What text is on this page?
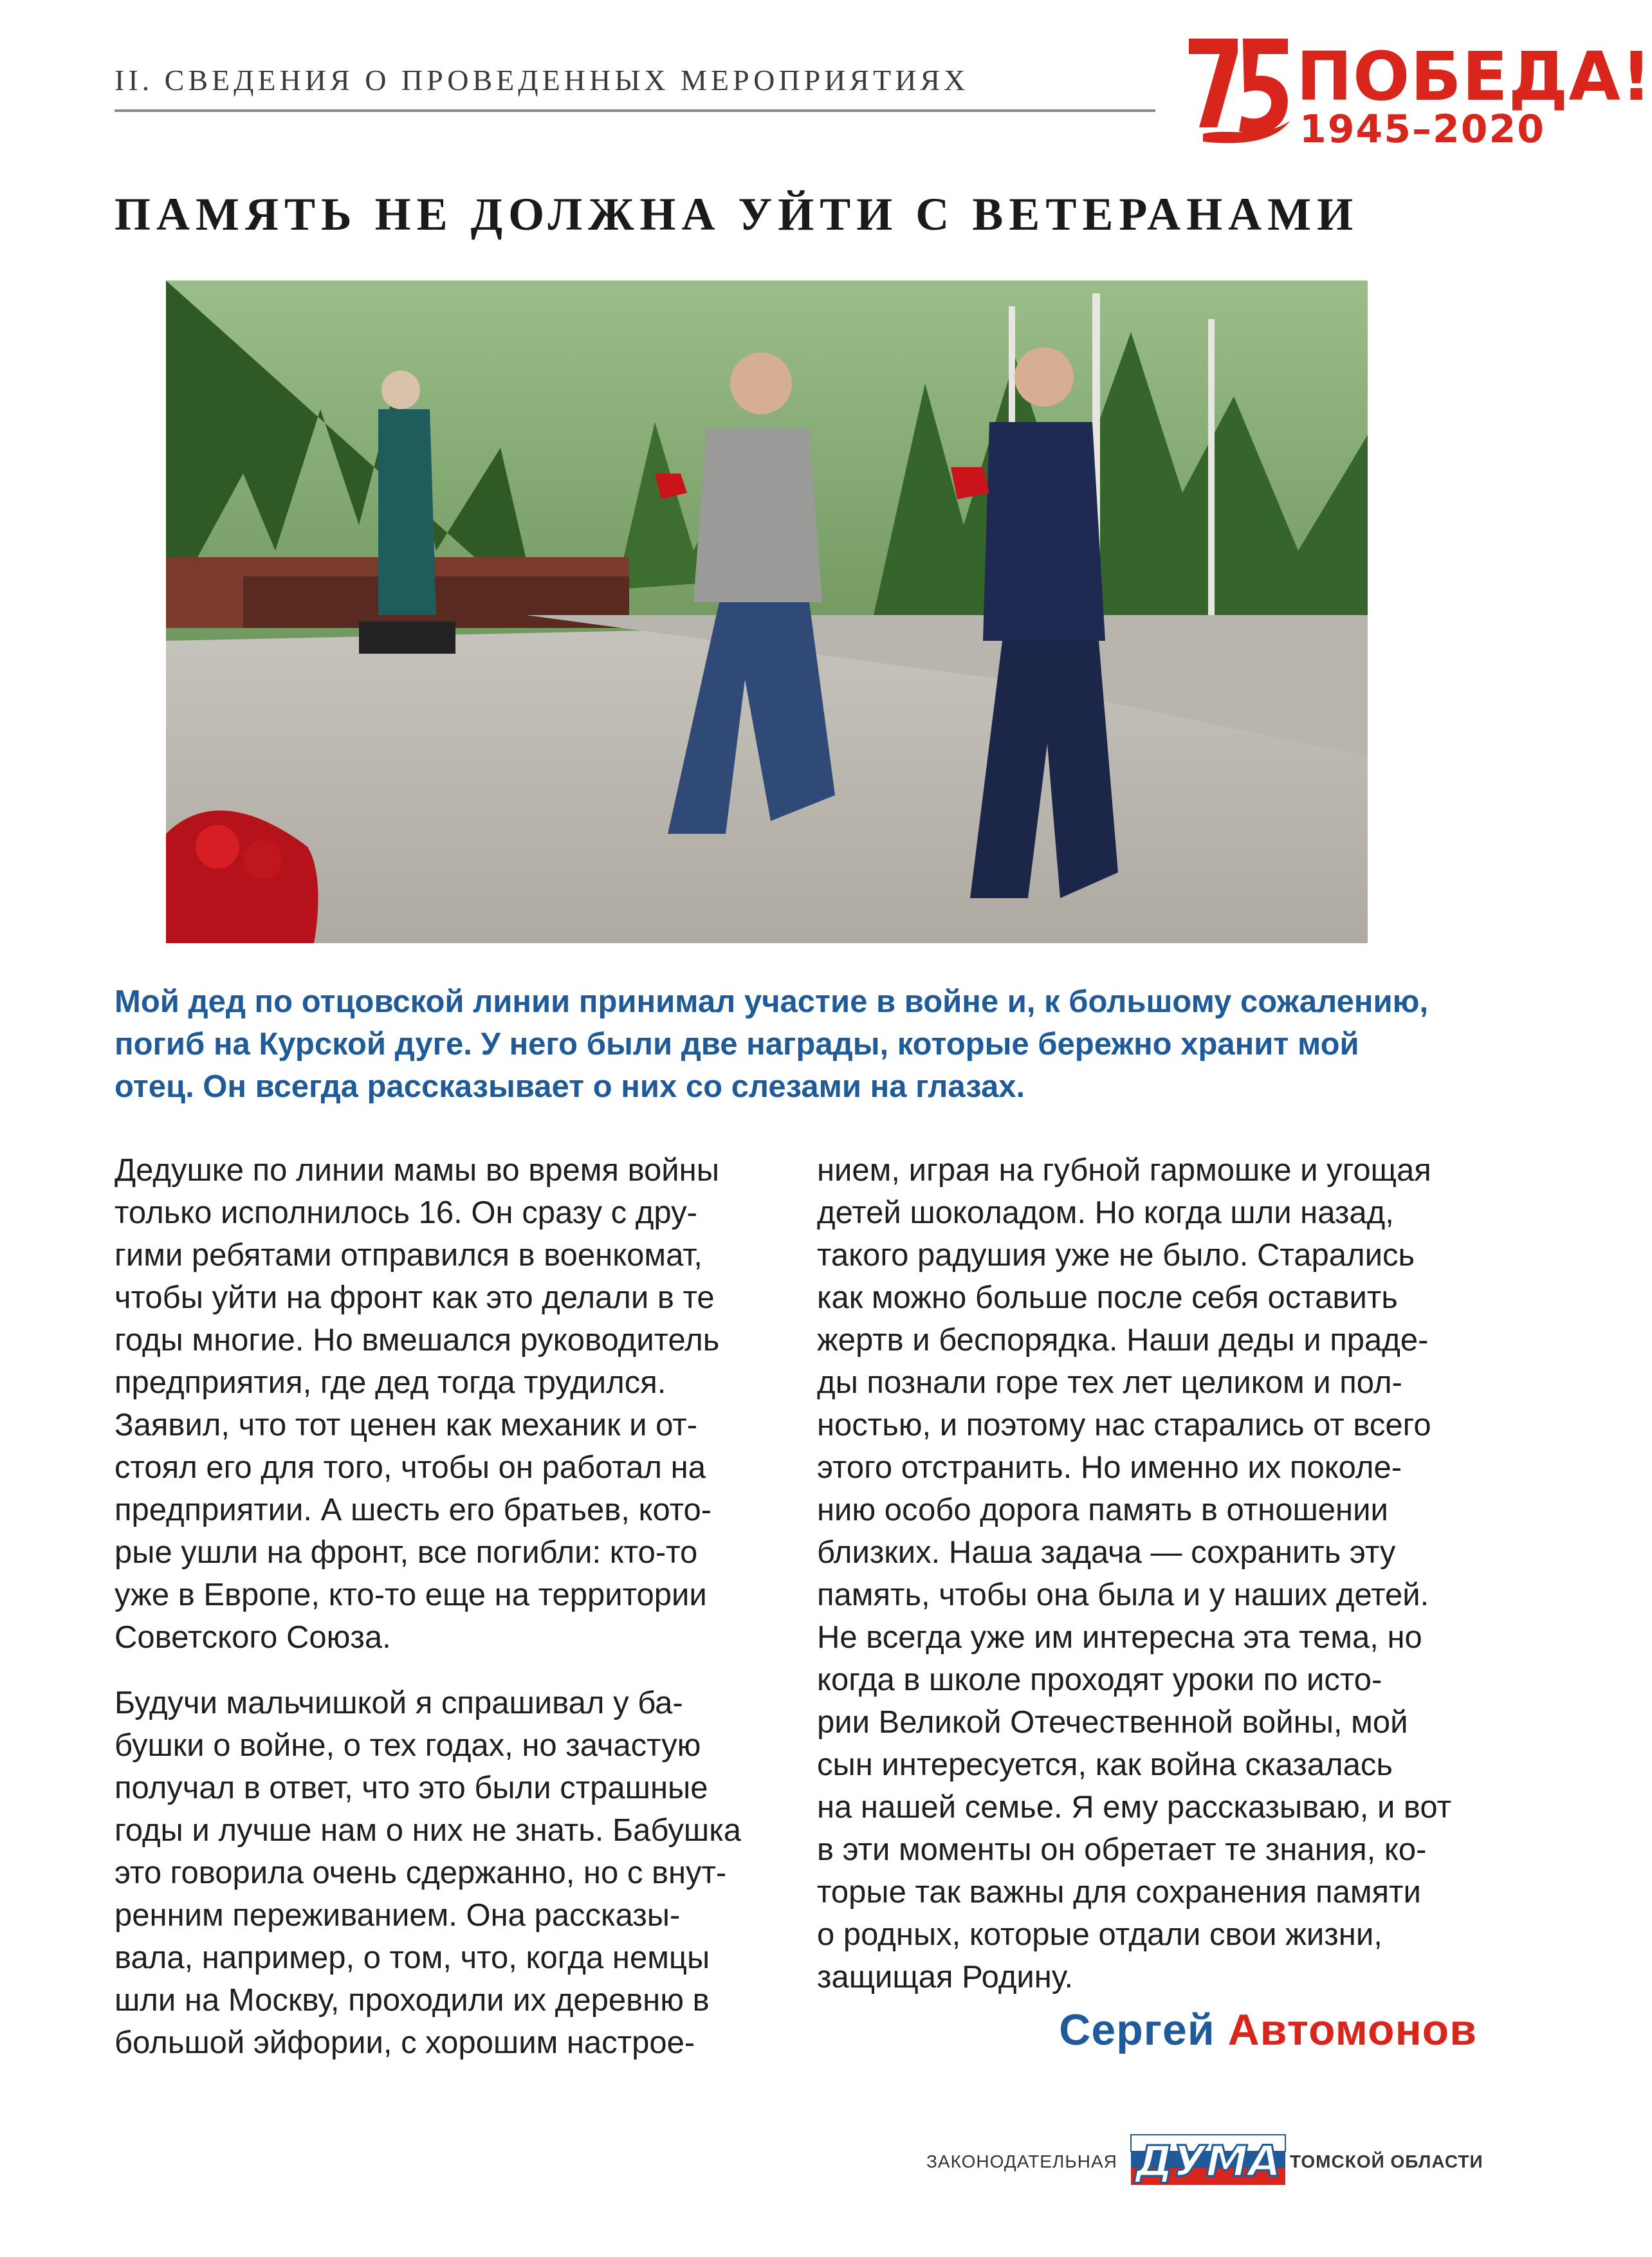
II. СВЕДЕНИЯ О ПРОВЕДЕННЫХ МЕРОПРИЯТИЯХ
75
ПОБЕДА!
1945–2020
ПАМЯТЬ НЕ ДОЛЖНА УЙТИ С ВЕТЕРАНАМИ

Мой дед по отцовской линии принимал участие в войне и, к большому сожалению,
погиб на Курской дуге. У него были две награды, которые бережно хранит мой
отец. Он всегда рассказывает о них со слезами на глазах.

Дедушке по линии мамы во время войны
только исполнилось 16. Он сразу с дру-
гими ребятами отправился в военкомат,
чтобы уйти на фронт как это делали в те
годы многие. Но вмешался руководитель
предприятия, где дед тогда трудился.
Заявил, что тот ценен как механик и от-
стоял его для того, чтобы он работал на
предприятии. А шесть его братьев, кото-
рые ушли на фронт, все погибли: кто-то
уже в Европе, кто-то еще на территории
Советского Союза.

Будучи мальчишкой я спрашивал у ба-
бушки о войне, о тех годах, но зачастую
получал в ответ, что это были страшные
годы и лучше нам о них не знать. Бабушка
это говорила очень сдержанно, но с внут-
ренним переживанием. Она рассказы-
вала, например, о том, что, когда немцы
шли на Москву, проходили их деревню в
большой эйфории, с хорошим настрое-

нием, играя на губной гармошке и угощая
детей шоколадом. Но когда шли назад,
такого радушия уже не было. Старались
как можно больше после себя оставить
жертв и беспорядка. Наши деды и праде-
ды познали горе тех лет целиком и пол-
ностью, и поэтому нас старались от всего
этого отстранить. Но именно их поколе-
нию особо дорога память в отношении
близких. Наша задача — сохранить эту
память, чтобы она была и у наших детей.
Не всегда уже им интересна эта тема, но
когда в школе проходят уроки по исто-
рии Великой Отечественной войны, мой
сын интересуется, как война сказалась
на нашей семье. Я ему рассказываю, и вот
в эти моменты он обретает те знания, ко-
торые так важны для сохранения памяти
о родных, которые отдали свои жизни,
защищая Родину.

Сергей Автомонов
ЗАКОНОДАТЕЛЬНАЯ ДУМА ТОМСКОЙ ОБЛАСТИ
